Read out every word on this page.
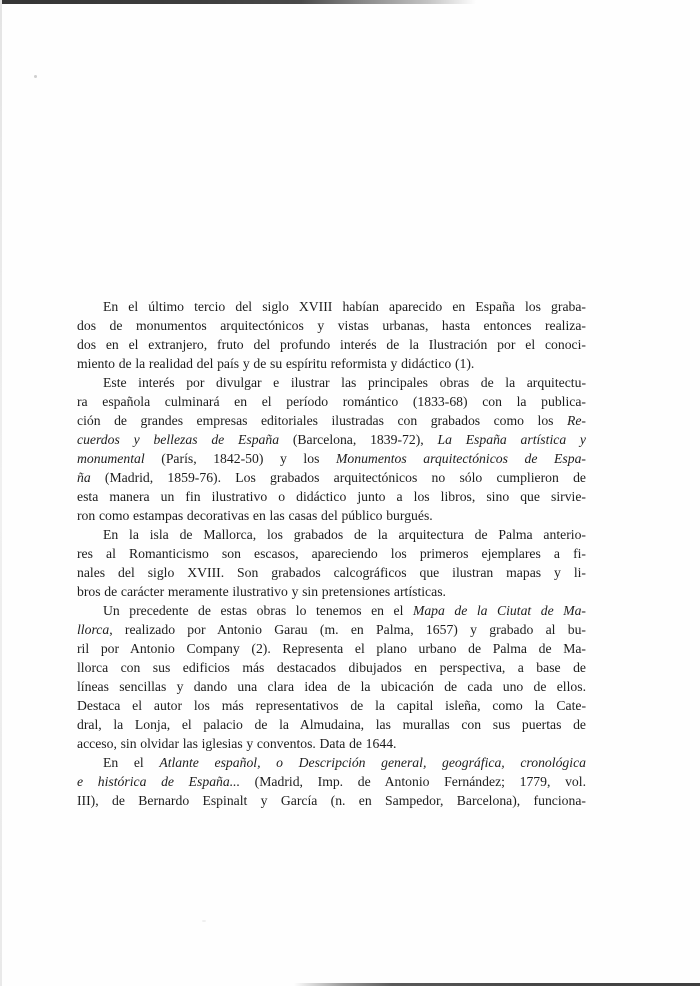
En el último tercio del siglo XVIII habían aparecido en España los graba-
dos de monumentos arquitectónicos y vistas urbanas, hasta entonces realiza-
dos en el extranjero, fruto del profundo interés de la Ilustración por el conoci-
miento de la realidad del país y de su espíritu reformista y didáctico (1).
Este interés por divulgar e ilustrar las principales obras de la arquitectu-
ra española culminará en el período romántico (1833-68) con la publica-
ción de grandes empresas editoriales ilustradas con grabados como los Re-
cuerdos y bellezas de España (Barcelona, 1839-72), La España artística y
monumental (París, 1842-50) y los Monumentos arquitectónicos de Espa-
ña (Madrid, 1859-76). Los grabados arquitectónicos no sólo cumplieron de
esta manera un fin ilustrativo o didáctico junto a los libros, sino que sirvie-
ron como estampas decorativas en las casas del público burgués.
En la isla de Mallorca, los grabados de la arquitectura de Palma anterio-
res al Romanticismo son escasos, apareciendo los primeros ejemplares a fi-
nales del siglo XVIII. Son grabados calcográficos que ilustran mapas y li-
bros de carácter meramente ilustrativo y sin pretensiones artísticas.
Un precedente de estas obras lo tenemos en el Mapa de la Ciutat de Ma-
llorca, realizado por Antonio Garau (m. en Palma, 1657) y grabado al bu-
ril por Antonio Company (2). Representa el plano urbano de Palma de Ma-
llorca con sus edificios más destacados dibujados en perspectiva, a base de
líneas sencillas y dando una clara idea de la ubicación de cada uno de ellos.
Destaca el autor los más representativos de la capital isleña, como la Cate-
dral, la Lonja, el palacio de la Almudaina, las murallas con sus puertas de
acceso, sin olvidar las iglesias y conventos. Data de 1644.
En el Atlante español, o Descripción general, geográfica, cronológica
e histórica de España... (Madrid, Imp. de Antonio Fernández; 1779, vol.
III), de Bernardo Espinalt y García (n. en Sampedor, Barcelona), funciona-
